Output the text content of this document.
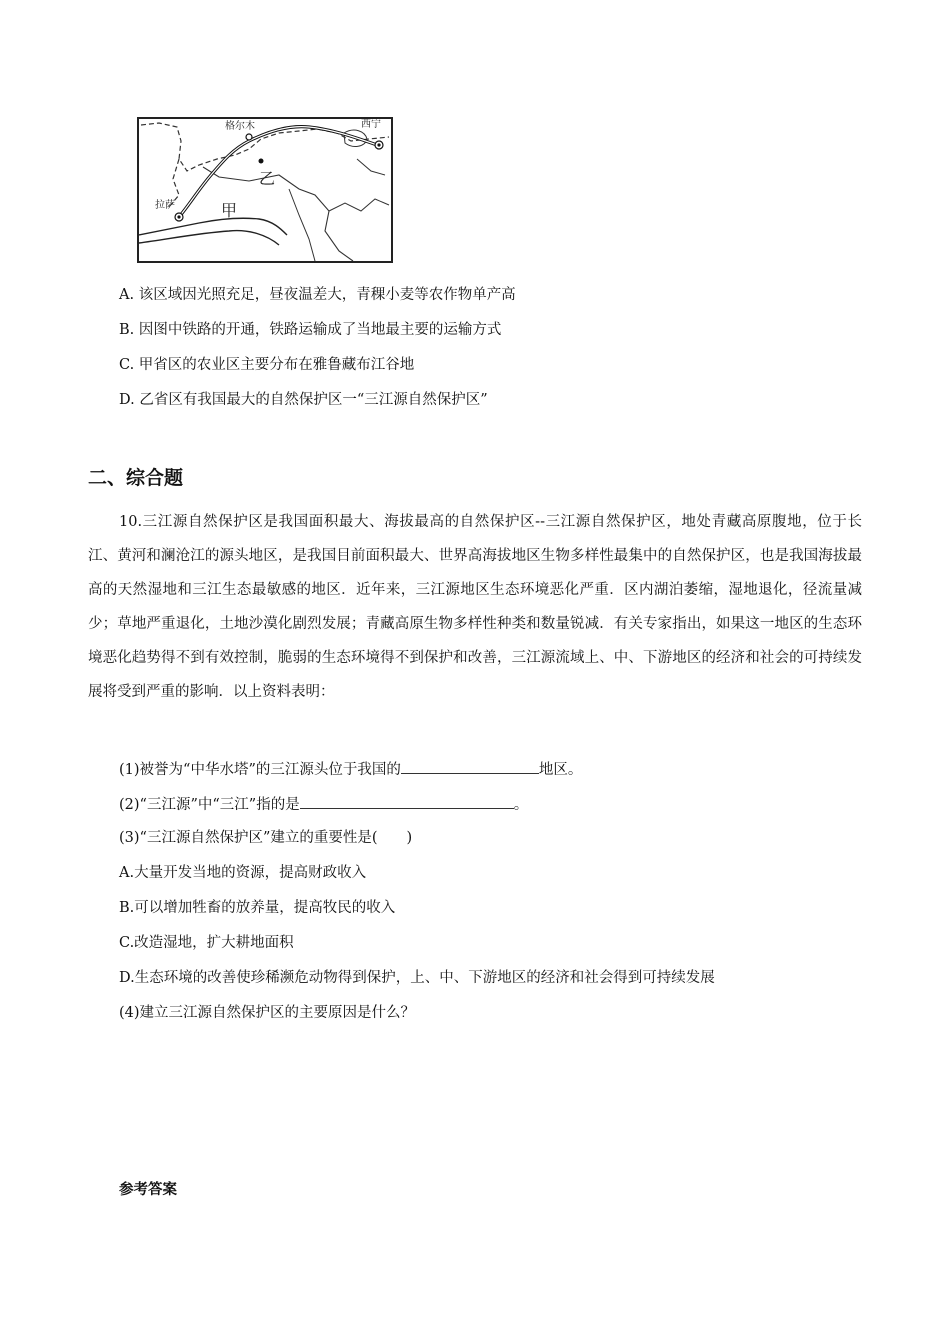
格尔木	西宁
拉萨
乙
甲
A. 该区域因光照充足，昼夜温差大，青稞小麦等农作物单产高
B. 因图中铁路的开通，铁路运输成了当地最主要的运输方式
C. 甲省区的农业区主要分布在雅鲁藏布江谷地
D. 乙省区有我国最大的自然保护区一“三江源自然保护区”
二、综合题

10.三江源自然保护区是我国面积最大、海拔最高的自然保护区--三江源自然保护区，地处青藏高原腹地，位于长江、黄河和澜沧江的源头地区，是我国目前面积最大、世界高海拔地区生物多样性最集中的自然保护区，也是我国海拔最高的天然湿地和三江生态最敏感的地区．近年来，三江源地区生态环境恶化严重．区内湖泊萎缩，湿地退化，径流量减少；草地严重退化，土地沙漠化剧烈发展；青藏高原生物多样性种类和数量锐减．有关专家指出，如果这一地区的生态环境恶化趋势得不到有效控制，脆弱的生态环境得不到保护和改善，三江源流域上、中、下游地区的经济和社会的可持续发展将受到严重的影响．以上资料表明：

(1)被誉为“中华水塔”的三江源头位于我国的	地区。
(2)“三江源”中“三江”指的是	。
(3)“三江源自然保护区”建立的重要性是(　　)
A.大量开发当地的资源，提高财政收入
B.可以增加牲畜的放养量，提高牧民的收入
C.改造湿地，扩大耕地面积
D.生态环境的改善使珍稀濒危动物得到保护，上、中、下游地区的经济和社会得到可持续发展
(4)建立三江源自然保护区的主要原因是什么？
参考答案
